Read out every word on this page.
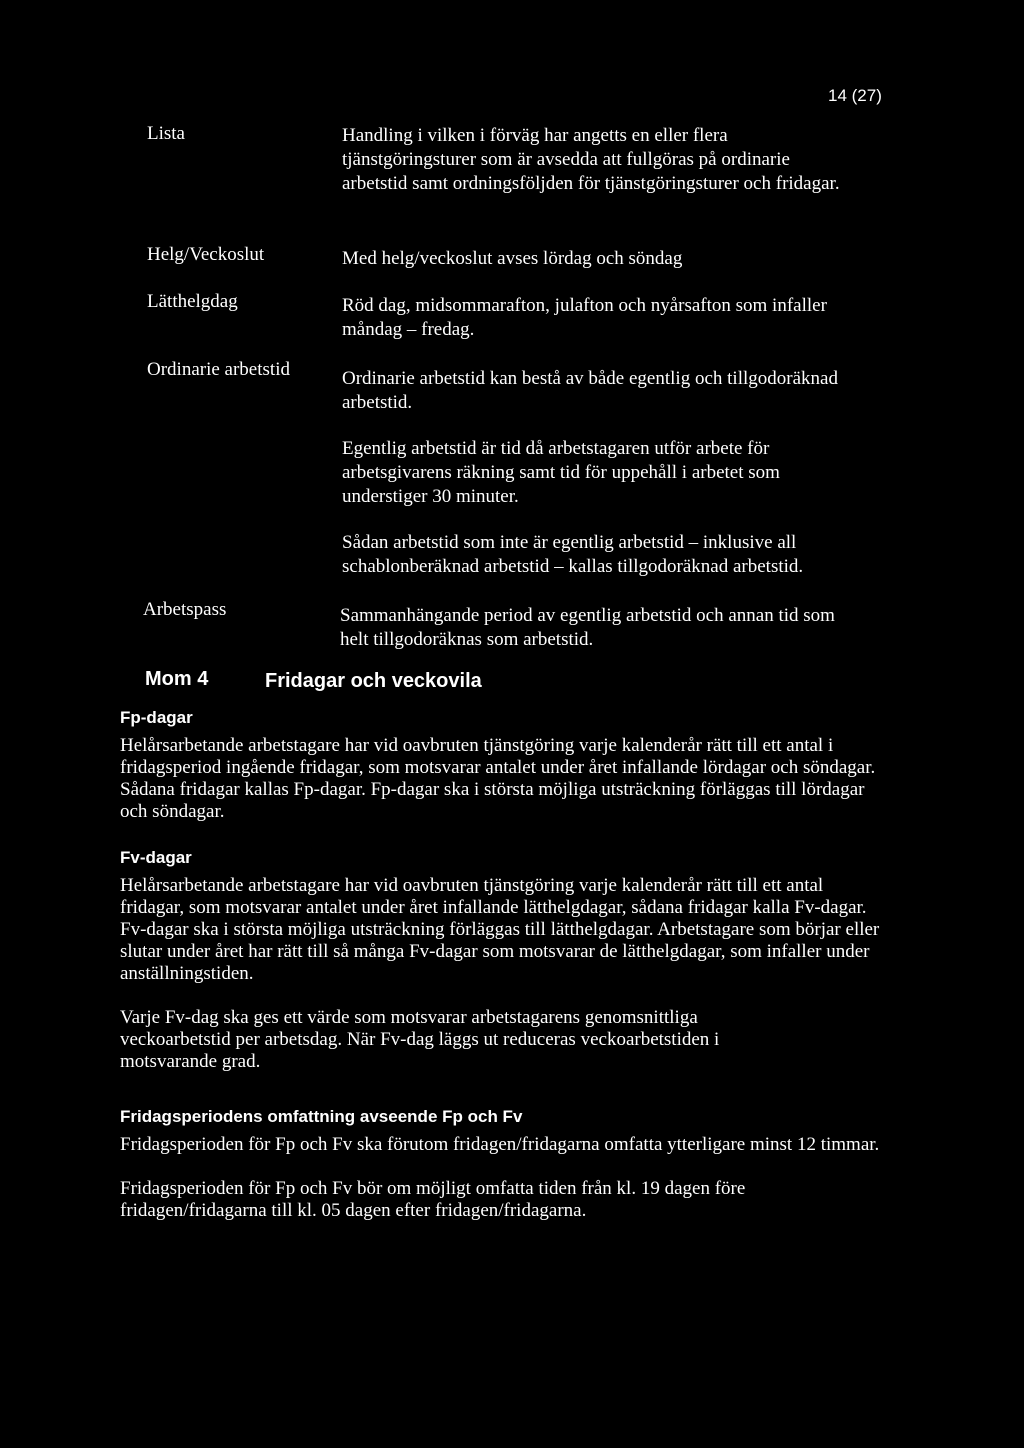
14 (27)
Lista	Handling i vilken i förväg har angetts en eller flera tjänstgöringsturer som är avsedda att fullgöras på ordinarie arbetstid samt ordningsföljden för tjänstgöringsturer och fridagar.

Helg/Veckoslut	Med helg/veckoslut avses lördag och söndag

Lätthelgdag	Röd dag, midsommarafton, julafton och nyårsafton som infaller måndag – fredag.

Ordinarie arbetstid	Ordinarie arbetstid kan bestå av både egentlig och tillgodoräknad arbetstid.

Egentlig arbetstid är tid då arbetstagaren utför arbete för arbetsgivarens räkning samt tid för uppehåll i arbetet som understiger 30 minuter.

Sådan arbetstid som inte är egentlig arbetstid – inklusive all schablonberäknad arbetstid – kallas tillgodoräknad arbetstid.

Arbetspass	Sammanhängande period av egentlig arbetstid och annan tid som helt tillgodoräknas som arbetstid.

Mom 4	Fridagar och veckovila

Fp-dagar

Helårsarbetande arbetstagare har vid oavbruten tjänstgöring varje kalenderår rätt till ett antal i fridagsperiod ingående fridagar, som motsvarar antalet under året infallande lördagar och söndagar. Sådana fridagar kallas Fp-dagar. Fp-dagar ska i största möjliga utsträckning förläggas till lördagar och söndagar.

Fv-dagar

Helårsarbetande arbetstagare har vid oavbruten tjänstgöring varje kalenderår rätt till ett antal fridagar, som motsvarar antalet under året infallande lätthelgdagar, sådana fridagar kalla Fv-dagar. Fv-dagar ska i största möjliga utsträckning förläggas till lätthelgdagar. Arbetstagare som börjar eller slutar under året har rätt till så många Fv-dagar som motsvarar de lätthelgdagar, som infaller under anställningstiden.

Varje Fv-dag ska ges ett värde som motsvarar arbetstagarens genomsnittliga veckoarbetstid per arbetsdag. När Fv-dag läggs ut reduceras veckoarbetstiden i motsvarande grad.

Fridagsperiodens omfattning avseende Fp och Fv

Fridagsperioden för Fp och Fv ska förutom fridagen/fridagarna omfatta ytterligare minst 12 timmar.

Fridagsperioden för Fp och Fv bör om möjligt omfatta tiden från kl. 19 dagen före fridagen/fridagarna till kl. 05 dagen efter fridagen/fridagarna.
